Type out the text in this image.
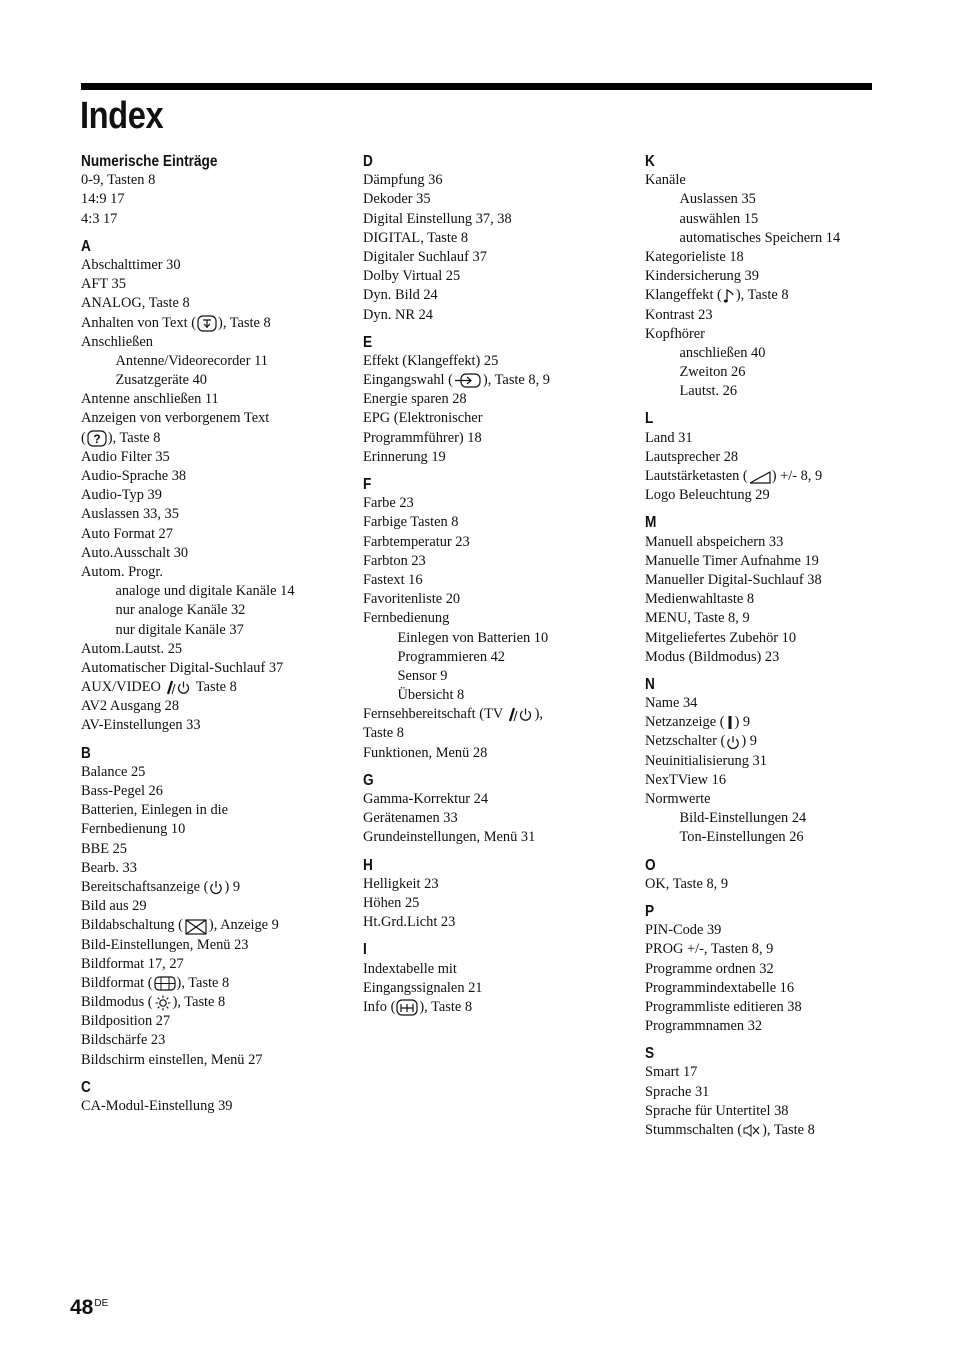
Index
Numerische Einträge
0-9, Tasten 8
14:9 17
4:3 17
A
Abschalttimer 30
AFT 35
ANALOG, Taste 8
Anhalten von Text ( ), Taste 8
Anschließen
Antenne/Videorecorder 11
Zusatzgeräte 40
Antenne anschließen 11
Anzeigen von verborgenem Text
( ? ), Taste 8
Audio Filter 35
Audio-Sprache 38
Audio-Typ 39
Auslassen 33, 35
Auto Format 27
Auto.Ausschalt 30
Autom. Progr.
analoge und digitale Kanäle 14
nur analoge Kanäle 32
nur digitale Kanäle 37
Autom.Lautst. 25
Automatischer Digital-Suchlauf 37
AUX/VIDEO
Taste 8
AV2 Ausgang 28
AV-Einstellungen 33
B
Balance 25
Bass-Pegel 26
Batterien, Einlegen in die
Fernbedienung 10
BBE 25
Bearb. 33
Bereitschaftsanzeige ( ) 9
Bild aus 29
Bildabschaltung ( ), Anzeige 9
Bild-Einstellungen, Menü 23
Bildformat 17, 27
Bildformat ( ), Taste 8
Bildmodus ( ), Taste 8
Bildposition 27
Bildschärfe 23
Bildschirm einstellen, Menü 27
C
CA-Modul-Einstellung 39
D
Dämpfung 36
Dekoder 35
Digital Einstellung 37, 38
DIGITAL, Taste 8
Digitaler Suchlauf 37
Dolby Virtual 25
Dyn. Bild 24
Dyn. NR 24
E
Effekt (Klangeffekt) 25
Eingangswahl ( ), Taste 8, 9
Energie sparen 28
EPG (Elektronischer
Programmführer) 18
Erinnerung 19
F
Farbe 23
Farbige Tasten 8
Farbtemperatur 23
Farbton 23
Fastext 16
Favoritenliste 20
Fernbedienung
Einlegen von Batterien 10
Programmieren 42
Sensor 9
Übersicht 8
Fernsehbereitschaft (TV
),
Taste 8
Funktionen, Menü 28
G
Gamma-Korrektur 24
Gerätenamen 33
Grundeinstellungen, Menü 31
H
Helligkeit 23
Höhen 25
Ht.Grd.Licht 23
I
Indextabelle mit
Eingangssignalen 21
Info ( ), Taste 8
K
Kanäle
Auslassen 35
auswählen 15
automatisches Speichern 14
Kategorieliste 18
Kindersicherung 39
Klangeffekt ( ), Taste 8
Kontrast 23
Kopfhörer
anschließen 40
Zweiton 26
Lautst. 26
L
Land 31
Lautsprecher 28
Lautstärketasten ( ) +/- 8, 9
Logo Beleuchtung 29
M
Manuell abspeichern 33
Manuelle Timer Aufnahme 19
Manueller Digital-Suchlauf 38
Medienwahltaste 8
MENU, Taste 8, 9
Mitgeliefertes Zubehör 10
Modus (Bildmodus) 23
N
Name 34
Netzanzeige ( ) 9
Netzschalter ( ) 9
Neuinitialisierung 31
NexTView 16
Normwerte
Bild-Einstellungen 24
Ton-Einstellungen 26
O
OK, Taste 8, 9
P
PIN-Code 39
PROG +/-, Tasten 8, 9
Programme ordnen 32
Programmindextabelle 16
Programmliste editieren 38
Programmnamen 32
S
Smart 17
Sprache 31
Sprache für Untertitel 38
Stummschalten ( ), Taste 8
48DE
